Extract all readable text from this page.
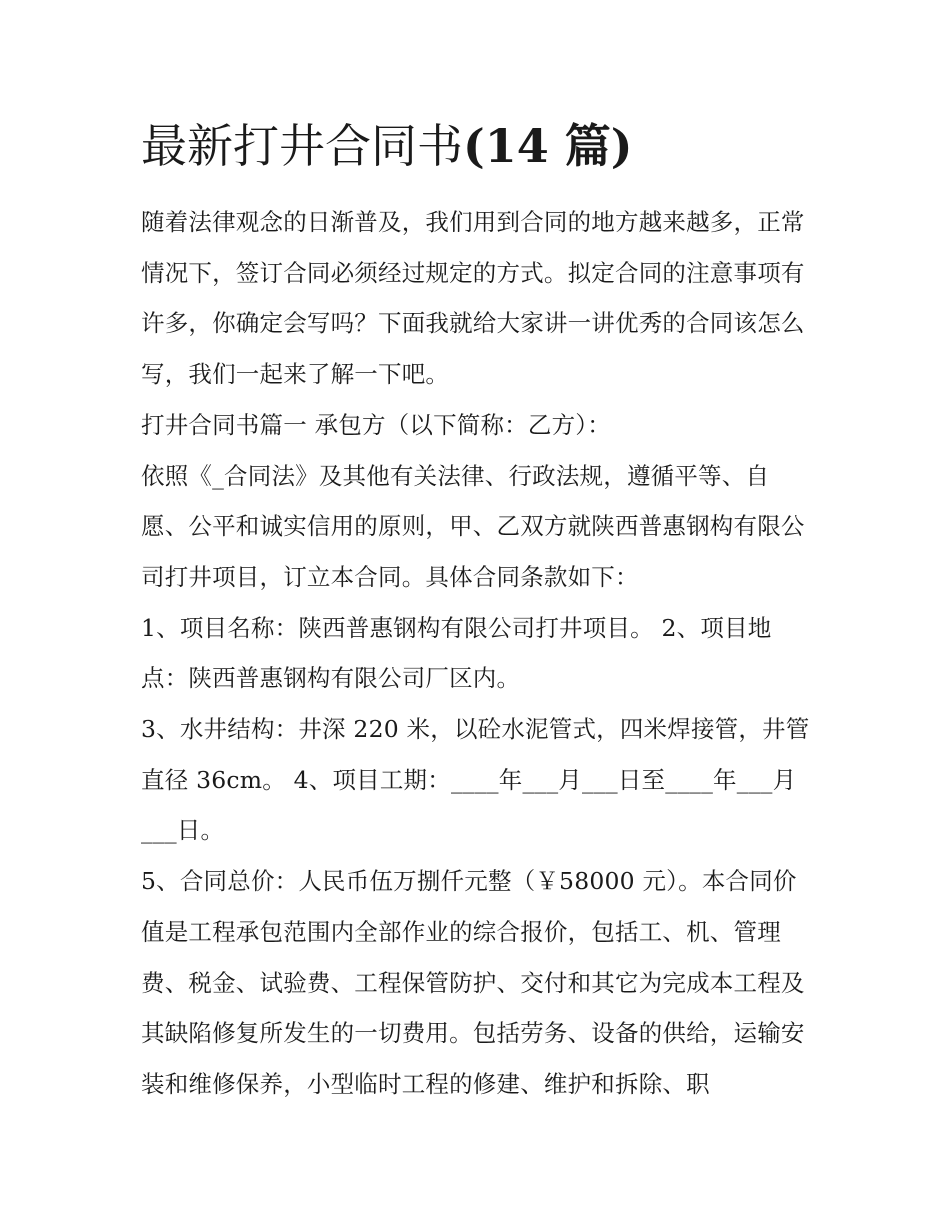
最新打井合同书(14 篇)

随着法律观念的日渐普及，我们用到合同的地方越来越多，正常情况下，签订合同必须经过规定的方式。拟定合同的注意事项有许多，你确定会写吗？下面我就给大家讲一讲优秀的合同该怎么写，我们一起来了解一下吧。

打井合同书篇一 承包方（以下简称：乙方）：

依照《_合同法》及其他有关法律、行政法规，遵循平等、自愿、公平和诚实信用的原则，甲、乙双方就陕西普惠钢构有限公司打井项目，订立本合同。具体合同条款如下：

1、项目名称：陕西普惠钢构有限公司打井项目。 2、项目地点：陕西普惠钢构有限公司厂区内。

3、水井结构：井深 220 米，以砼水泥管式，四米焊接管，井管直径 36cm。 4、项目工期：____年___月___日至____年___月___日。

5、合同总价：人民币伍万捌仟元整（￥58000 元）。本合同价值是工程承包范围内全部作业的综合报价，包括工、机、管理费、税金、试验费、工程保管防护、交付和其它为完成本工程及其缺陷修复所发生的一切费用。包括劳务、设备的供给，运输安装和维修保养，小型临时工程的修建、维护和拆除、职
